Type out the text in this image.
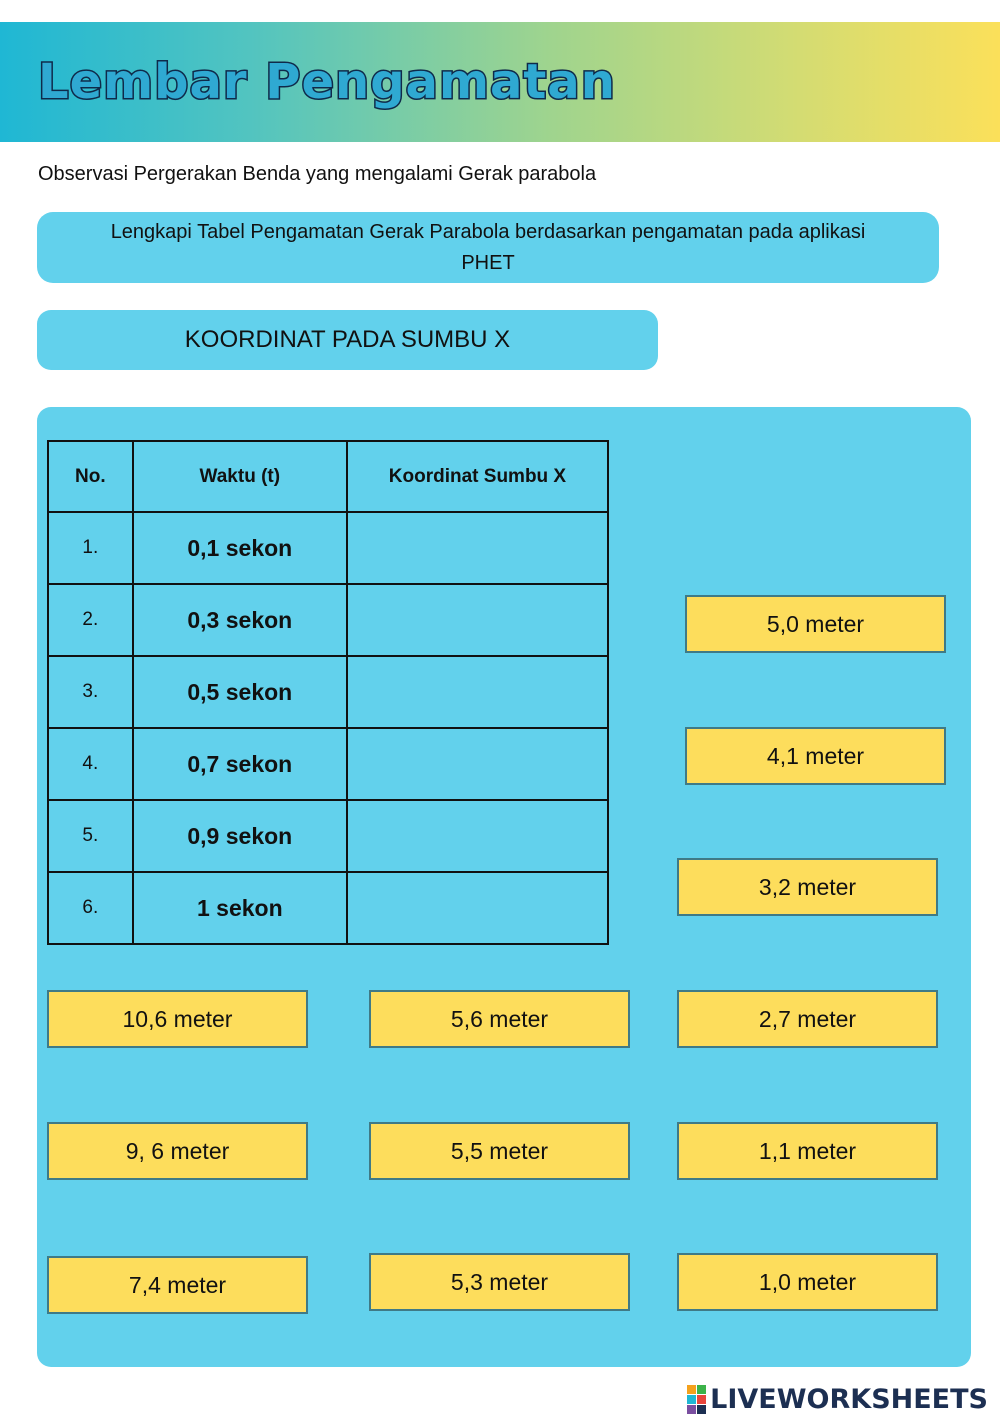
Lembar Pengamatan
Observasi Pergerakan Benda yang mengalami Gerak parabola
Lengkapi Tabel Pengamatan Gerak Parabola berdasarkan pengamatan pada aplikasi PHET
KOORDINAT PADA SUMBU X
No.	Waktu (t)	Koordinat Sumbu X
1.	0,1 sekon	
2.	0,3 sekon	
3.	0,5 sekon	
4.	0,7 sekon	
5.	0,9 sekon	
6.	1 sekon	
5,0 meter
4,1 meter
3,2 meter
10,6 meter	5,6 meter	2,7 meter
9, 6 meter	5,5 meter	1,1 meter
7,4 meter	5,3 meter	1,0 meter
LIVEWORKSHEETS
